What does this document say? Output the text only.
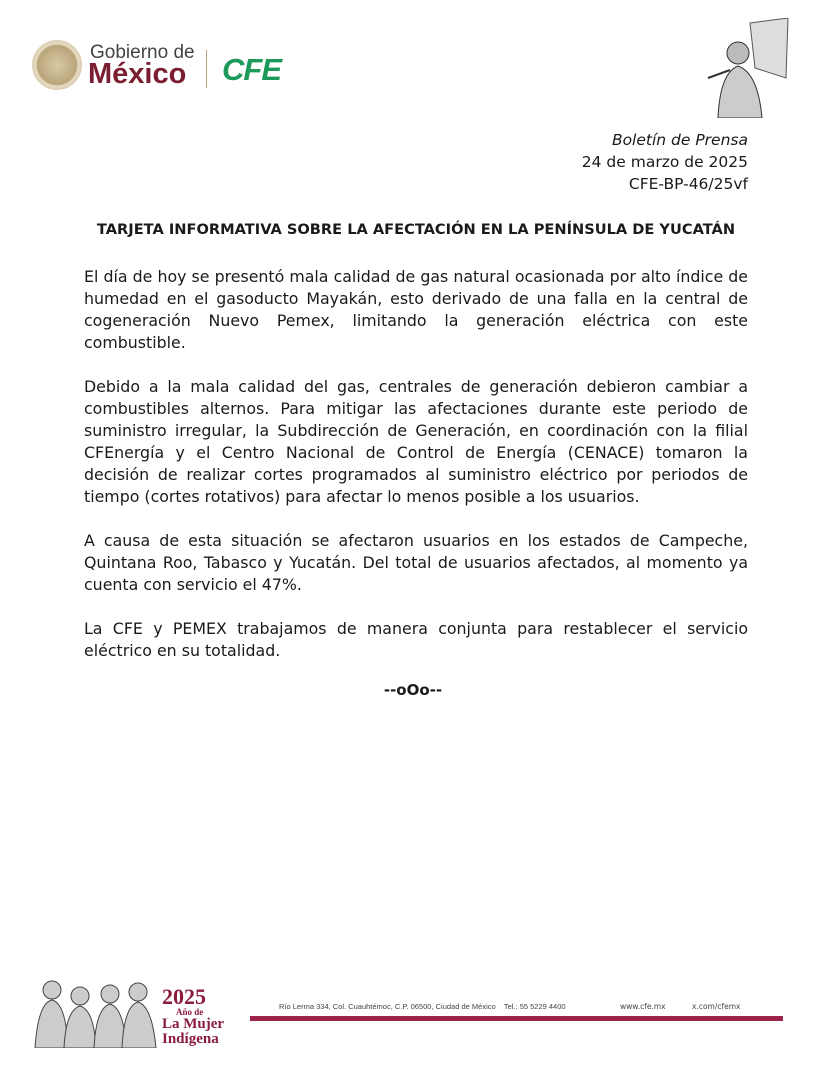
Gobierno de
México CFE
Boletín de Prensa
24 de marzo de 2025
CFE-BP-46/25vf
TARJETA INFORMATIVA SOBRE LA AFECTACIÓN EN LA PENÍNSULA DE YUCATÁN

El día de hoy se presentó mala calidad de gas natural ocasionada por alto índice de humedad en el gasoducto Mayakán, esto derivado de una falla en la central de cogeneración Nuevo Pemex, limitando la generación eléctrica con este combustible.

Debido a la mala calidad del gas, centrales de generación debieron cambiar a combustibles alternos. Para mitigar las afectaciones durante este periodo de suministro irregular, la Subdirección de Generación, en coordinación con la filial CFEnergía y el Centro Nacional de Control de Energía (CENACE) tomaron la decisión de realizar cortes programados al suministro eléctrico por periodos de tiempo (cortes rotativos) para afectar lo menos posible a los usuarios.

A causa de esta situación se afectaron usuarios en los estados de Campeche, Quintana Roo, Tabasco y Yucatán. Del total de usuarios afectados, al momento ya cuenta con servicio el 47%.

La CFE y PEMEX trabajamos de manera conjunta para restablecer el servicio eléctrico en su totalidad.

--oOo--
2025
Año de
La Mujer
Indígena
Río Lerma 334, Col. Cuauhtémoc, C.P. 06500, Ciudad de México    Tel.: 55 5229 4400	www.cfe.mx	x.com/cfemx
